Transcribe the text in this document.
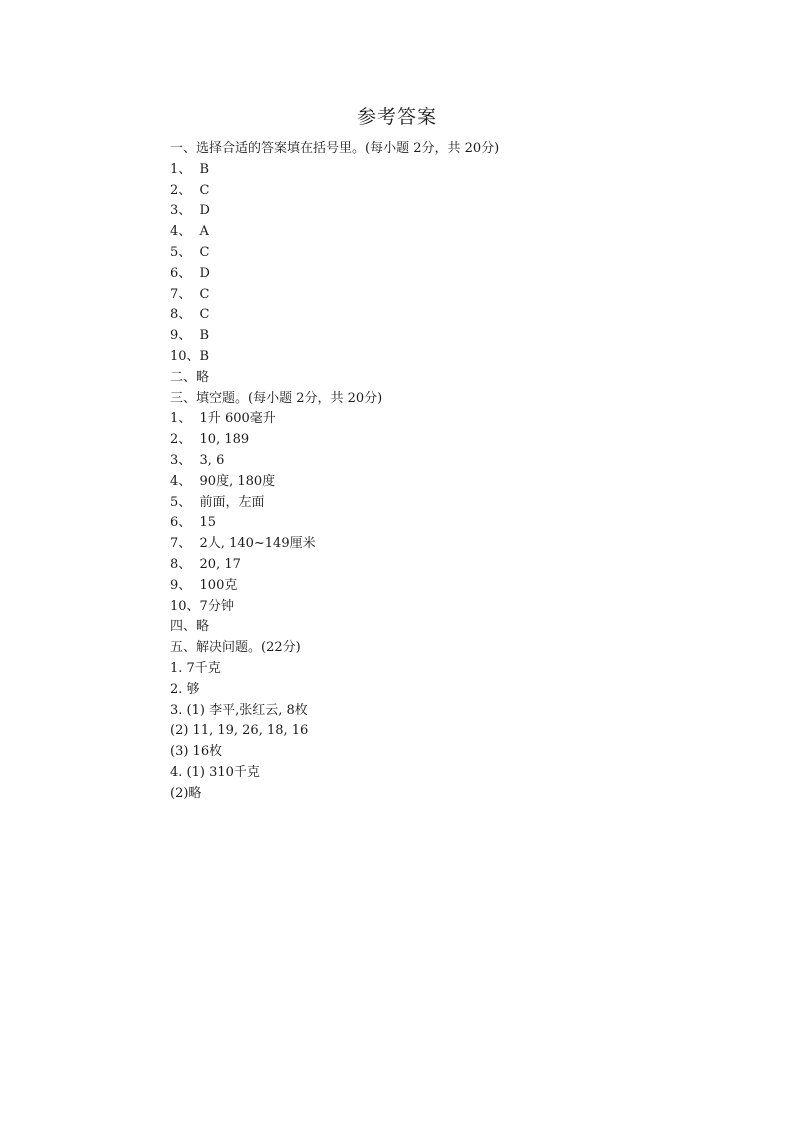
参考答案
一、选择合适的答案填在括号里。(每小题 2分，共 20分)
1、  B
2、  C
3、  D
4、  A
5、  C
6、  D
7、  C
8、  C
9、  B
10、B
二、略
三、填空题。(每小题 2分，共 20分)
1、  1升 600毫升
2、  10, 189
3、  3, 6
4、  90度, 180度
5、  前面，左面
6、  15
7、  2人, 140~149厘米
8、  20, 17
9、  100克
10、7分钟
四、略
五、解决问题。(22分)
1. 7千克
2. 够
3. (1) 李平,张红云, 8枚
(2) 11, 19, 26, 18, 16
(3) 16枚
4. (1) 310千克
(2)略
